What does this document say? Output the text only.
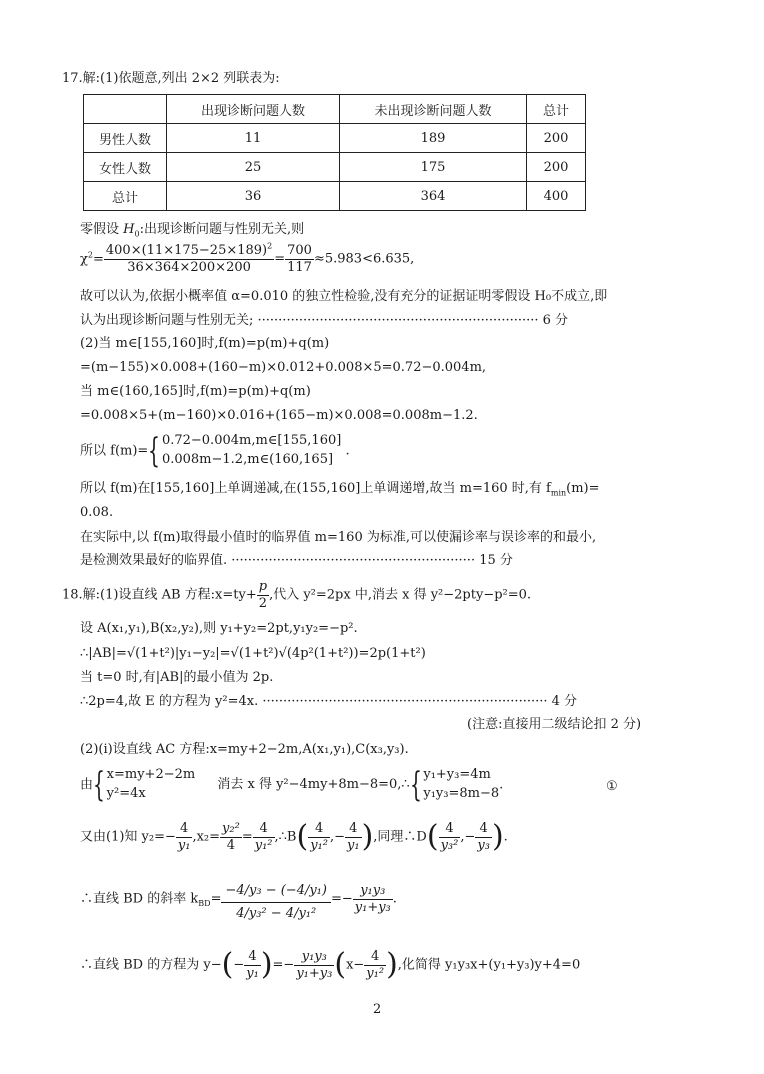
17.解:(1)依题意,列出 2×2 列联表为:
	出现诊断问题人数	未出现诊断问题人数	总计
男性人数	11	189	200
女性人数	25	175	200
总计	36	364	400
零假设 $H_0$:出现诊断问题与性别无关,则
$\chi^2= \frac{400\times(11\times 175-25\times 189)^2}{36\times 364\times 200\times 200} = \frac{700}{117} \approx 5.983<6.635$,
故可以认为,依据小概率值 α=0.010 的独立性检验,没有充分的证据证明零假设 H₀不成立,即
认为出现诊断问题与性别无关; ···································································· 6 分
(2)当 m∈[155,160]时,f(m)=p(m)+q(m)
=(m−155)×0.008+(160−m)×0.012+0.008×5=0.72−0.004m,
当 m∈(160,165]时,f(m)=p(m)+q(m)
=0.008×5+(m−160)×0.016+(165−m)×0.008=0.008m−1.2.
所以 f(m)={ 0.72−0.004m,m∈[155,160]
0.008m−1.2,m∈(160,165]
.
所以 f(m)在[155,160]上单调递减,在(155,160]上单调递增,故当 m=160 时,有 $f_{min}(m)=$
0.08.
在实际中,以 f(m)取得最小值时的临界值 m=160 为标准,可以使漏诊率与误诊率的和最小,
是检测效果最好的临界值. ··························································· 15 分
18.解:(1)设直线 AB 方程:x=ty+ $\frac{p}{2}$ ,代入 y²=2px 中,消去 x 得 y²−2pty−p²=0.
设 A(x₁,y₁),B(x₂,y₂),则 y₁+y₂=2pt,y₁y₂=−p².
∴|AB|=√(1+t²)|y₁−y₂|=√(1+t²)√(4p²(1+t²))=2p(1+t²)
当 t=0 时,有|AB|的最小值为 2p.
∴2p=4,故 E 的方程为 y²=4x. ····································································· 4 分
(注意:直接用二级结论扣 2 分)
(2)(ⅰ)设直线 AC 方程:x=my+2−2m,A(x₁,y₁),C(x₃,y₃).
由{ x=my+2−2m
y²=4x
消去 x 得 y²−4my+8m−8=0,∴{ y₁+y₃=4m
y₁y₃=8m−8
.	①
又由(1)知 $y_2=- \frac{4}{\text{y₁}} ,x_2= \frac{\text{y₂²}}{4} = \frac{4}{\text{y₁²}}$ ,∴B( $\frac{4}{\text{y₁²}}$ ,− $\frac{4}{\text{y₁}}$ ),同理∴D( $\frac{4}{\text{y₃²}}$ ,− $\frac{4}{\text{y₃}}$ ).
∴直线 BD 的斜率 $k_{BD}= \frac{\text{−4/y₃ − (−4/y₁)}}{\text{4/y₃² − 4/y₁²}} =- \frac{\text{y₁y₃}}{\text{y₁+y₃}}$ .
∴直线 BD 的方程为 $y-(- \frac{4}{\text{y₁}}$ )=− $\frac{\text{y₁y₃}}{\text{y₁+y₃}} (x- \frac{4}{\text{y₁²}}$ ),化简得 y₁y₃x+(y₁+y₃)y+4=0
2
